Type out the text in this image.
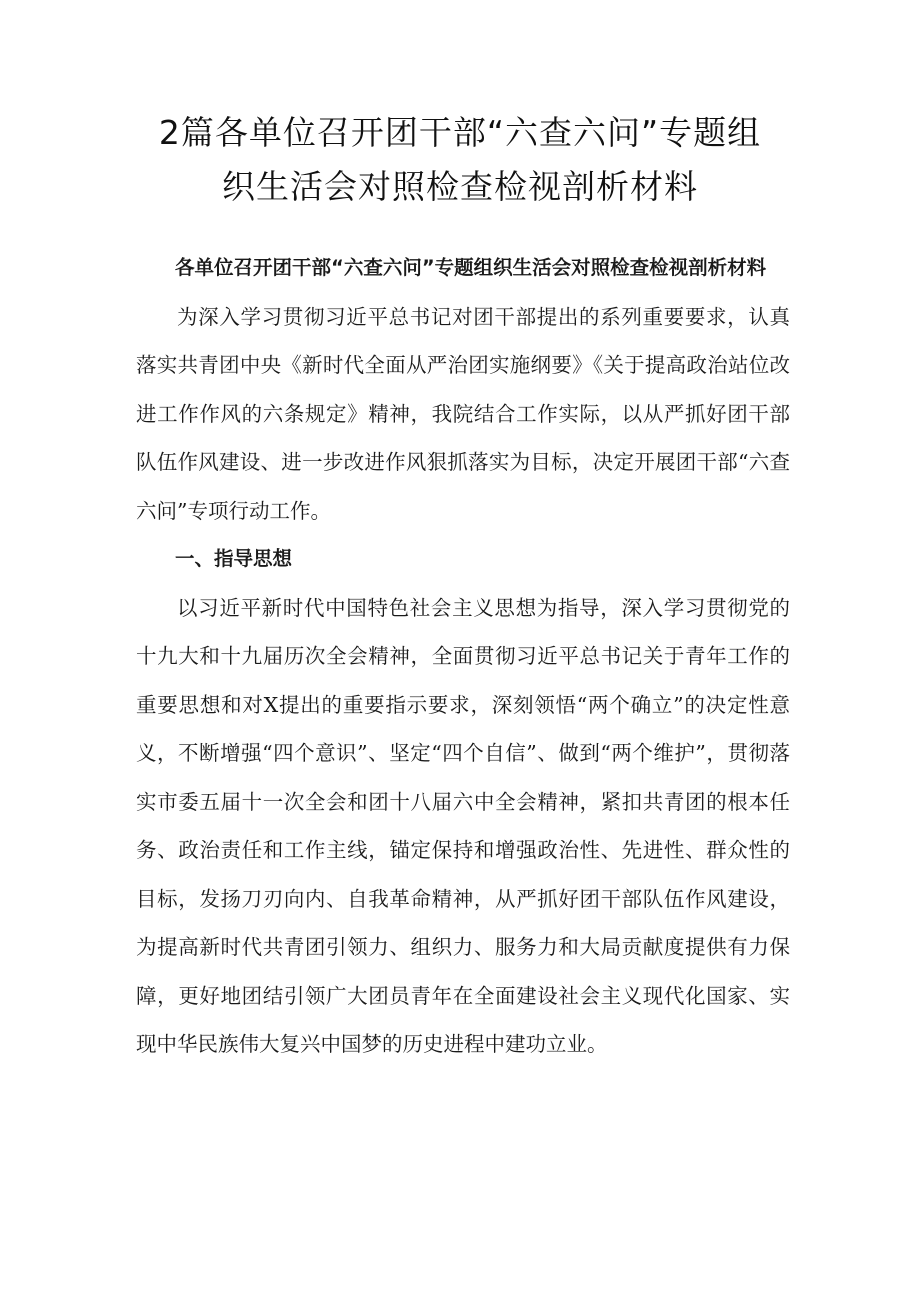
2篇各单位召开团干部“六查六问”专题组
织生活会对照检查检视剖析材料

各单位召开团干部“六查六问”专题组织生活会对照检查检视剖析材料

为深入学习贯彻习近平总书记对团干部提出的系列重要要求，认真落实共青团中央《新时代全面从严治团实施纲要》《关于提高政治站位改进工作作风的六条规定》精神，我院结合工作实际，以从严抓好团干部队伍作风建设、进一步改进作风狠抓落实为目标，决定开展团干部“六查六问”专项行动工作。

一、指导思想

以习近平新时代中国特色社会主义思想为指导，深入学习贯彻党的十九大和十九届历次全会精神，全面贯彻习近平总书记关于青年工作的重要思想和对X提出的重要指示要求，深刻领悟“两个确立”的决定性意义，不断增强“四个意识”、坚定“四个自信”、做到“两个维护”，贯彻落实市委五届十一次全会和团十八届六中全会精神，紧扣共青团的根本任务、政治责任和工作主线，锚定保持和增强政治性、先进性、群众性的目标，发扬刀刃向内、自我革命精神，从严抓好团干部队伍作风建设，为提高新时代共青团引领力、组织力、服务力和大局贡献度提供有力保障，更好地团结引领广大团员青年在全面建设社会主义现代化国家、实现中华民族伟大复兴中国梦的历史进程中建功立业。
